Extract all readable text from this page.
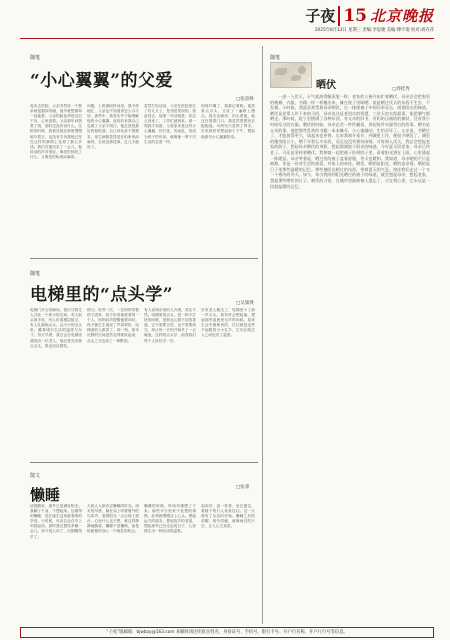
子夜 15 北京晚报
2025年8月13日 星期三 责编:李思捷 美编:傅宇琨 校对:胡垚萍
随笔
“小心翼翼”的父爱
□张雷峰
周末去医院，父亲突然说一个要求就是割掉肉瘤，他早就想做却一直拖着，父亲的脸色却是迟迟不肯，心里惦着。父亲那年问我要了钱，那时还没有说什么。住院的时候，我看见他在那里慢慢地写着字，也没有告诉我他已经在这样的事情上花掉了那么多钱。我们在窗边坐了一会儿，他说话的声音很轻，像是怕惊扰了什么，又像是怕给谁添麻烦。
问题，上班那段时间里，我不停地忙，父亲也不知道该怎么办才好。那些年，我其实并不能理解他的小心翼翼，直到后来我自己也做了父亲才明白。他总是把最好的留给我，自己却从来不提要求，连生病都觉得是在给家里添麻烦，总说没事没事，过几天就好了。
忽然打电话说，父亲在医院里住了好几天了，是邻居发现的。我赶回去，他第一句话就是：你怎么回来了，工作忙就别来。那一刻我才知道，父爱原来是这样小心翼翼，怕打扰，怕添乱，怕成为孩子的负担，就像他一辈子对生活的态度一样。
别再叮嘱了，我都记着呢。他笑着点点头，又说了一遍路上慢点。我走出病房，回头看他，他还在望着门口。我忽然很想回去抱抱他，可终究只是挥了挥手。后来我常常想起那个下午，想起他那句小心翼翼的话。
随笔
电梯里的“点头学”	□吴颉瑛
电梯门开合的瞬间，我们与陌生人共处一个狭小的空间。有人低头看手机，有人盯着楼层数字，有人礼貌地点头。这小小的点头里，藏着城市生活的温度与分寸。每天早晨，我总会在电梯里遇见同一位老人，他总是先冲我点点头，我也回以微笑。
情分。好些一次，一位妈妈带着孩子进来，孩子好奇地看着每一个人，妈妈轻声提醒他要问好。孩子脆生生地说了声叔叔好，电梯里的人都笑了。那一刻，原本沉默的空间忽然变得柔软起来，点头之交也成了一种默契。
有人说城市里的人冷漠，其实不然。电梯里的点头，是一种不打扰的问候，是彼此心照不宣的善意。它不需要言语，也不需要深交，却让每一天的开始多了一点暖意。这样的点头学，值得我们每个人好好学一学。
后来老人搬走了，电梯里少了那一声点头。我有时会想起他，想起那些清晨里无声的问候。原来生活中最珍贵的，往往就是这些不起眼的小小礼节，它们让陌生人之间也有了温度。
散文
懒睡	□张睿
清晨醒来，窗外已是满室阳光。我翻了个身，不想起床。这难得的懒睡，是忙碌生活里最奢侈的享受。小时候，母亲总会在早上叫我起床，那时我总想再多睡一会儿。如今没人叫了，反倒醒得早了。
大抵人人都有过懒睡的时光。周末的早晨，躺在床上听着窗外的鸟叫声，看着阳光一点点爬上窗台，心里什么也不想，就这样静静地躺着。懒睡不是懒惰，而是给疲惫的身心一个喘息的机会。
懒睡的时候，时间仿佛慢了下来。那些平日里来不及想的事情，此刻都慢慢浮上心头。想起远方的朋友，想起故乡的老屋，想起那些已经走远的日子，心里便生出一种淡淡的温柔。
起床后，泡一杯茶，坐在窗边，看楼下的行人来来往往。这一天便有了从容的开始。懒睡之后的清醒，格外清澈，就像雨后的天空，让人心生欢喜。
随笔
晒伏	□周桂秀
一进一入伏天，天气就热得像蒸笼一样，老家的人便开始忙着晒伏。母亲总会把家里的被褥、衣服、书籍一样一样搬出来，摊在院子里晾晒，说是晒过伏天的东西不生虫、不发霉。小时候，我最喜欢帮着母亲晒伏，在一排排被子中间穿来穿去，闻着阳光的味道。晒伏是老辈人传下来的习俗，母亲说这是老祖宗的智慧，三伏天的太阳最毒，能把潮气都晒走。那时候，院子里摆满了各种东西，有父亲的旧书，有奶奶压箱底的棉袄，还有我小时候穿过的衣服。晒伏的时候，母亲总会一件件翻看，讲起每件衣服背后的故事。晒书是父亲的事，他把那些发黄的书籍一本本摊开，小心地翻动，生怕弄坏了。父亲说，书晒过了，才能放得更久，读起来也更香。后来我离开家乡，到城里工作，便很少晒伏了。城里的楼房阳台小，晒不开那么多东西，而且也没有那份闲情。可每到入伏天，我总会想起老家的院子，想起母亲晒伏的身影，想起那满院子阳光的味道。今年夏天回老家，母亲已经老了，可还是坚持要晒伏。我和她一起把被子抬到院子里，看着阳光洒在上面，心里涌起一阵暖意。母亲笑着说，晒过伏的被子盖着舒服，冬天也暖和。我知道，母亲晒的不只是被褥，更是一份对生活的热爱，对家人的牵挂。晒伏，晒的是阳光，晒的是亲情，晒的是日子里那些温暖的记忆。那些被阳光晒过的东西，带着夏天的气息，陪伴我们走过一个又一个寒冷的冬天。如今，每当我闻到阳光晒过的被子的味道，就会想起母亲，想起老家，想起那些晒伏的日子。晒伏的习俗，在城市里渐渐被人遗忘了，可在我心里，它永远是一段最温暖的记忆。
“子夜”版邮箱：bjwbzy@163.com 来稿时请注明真实姓名、身份证号、手机号、银行卡号、开户行名称、开户行行号等信息。
